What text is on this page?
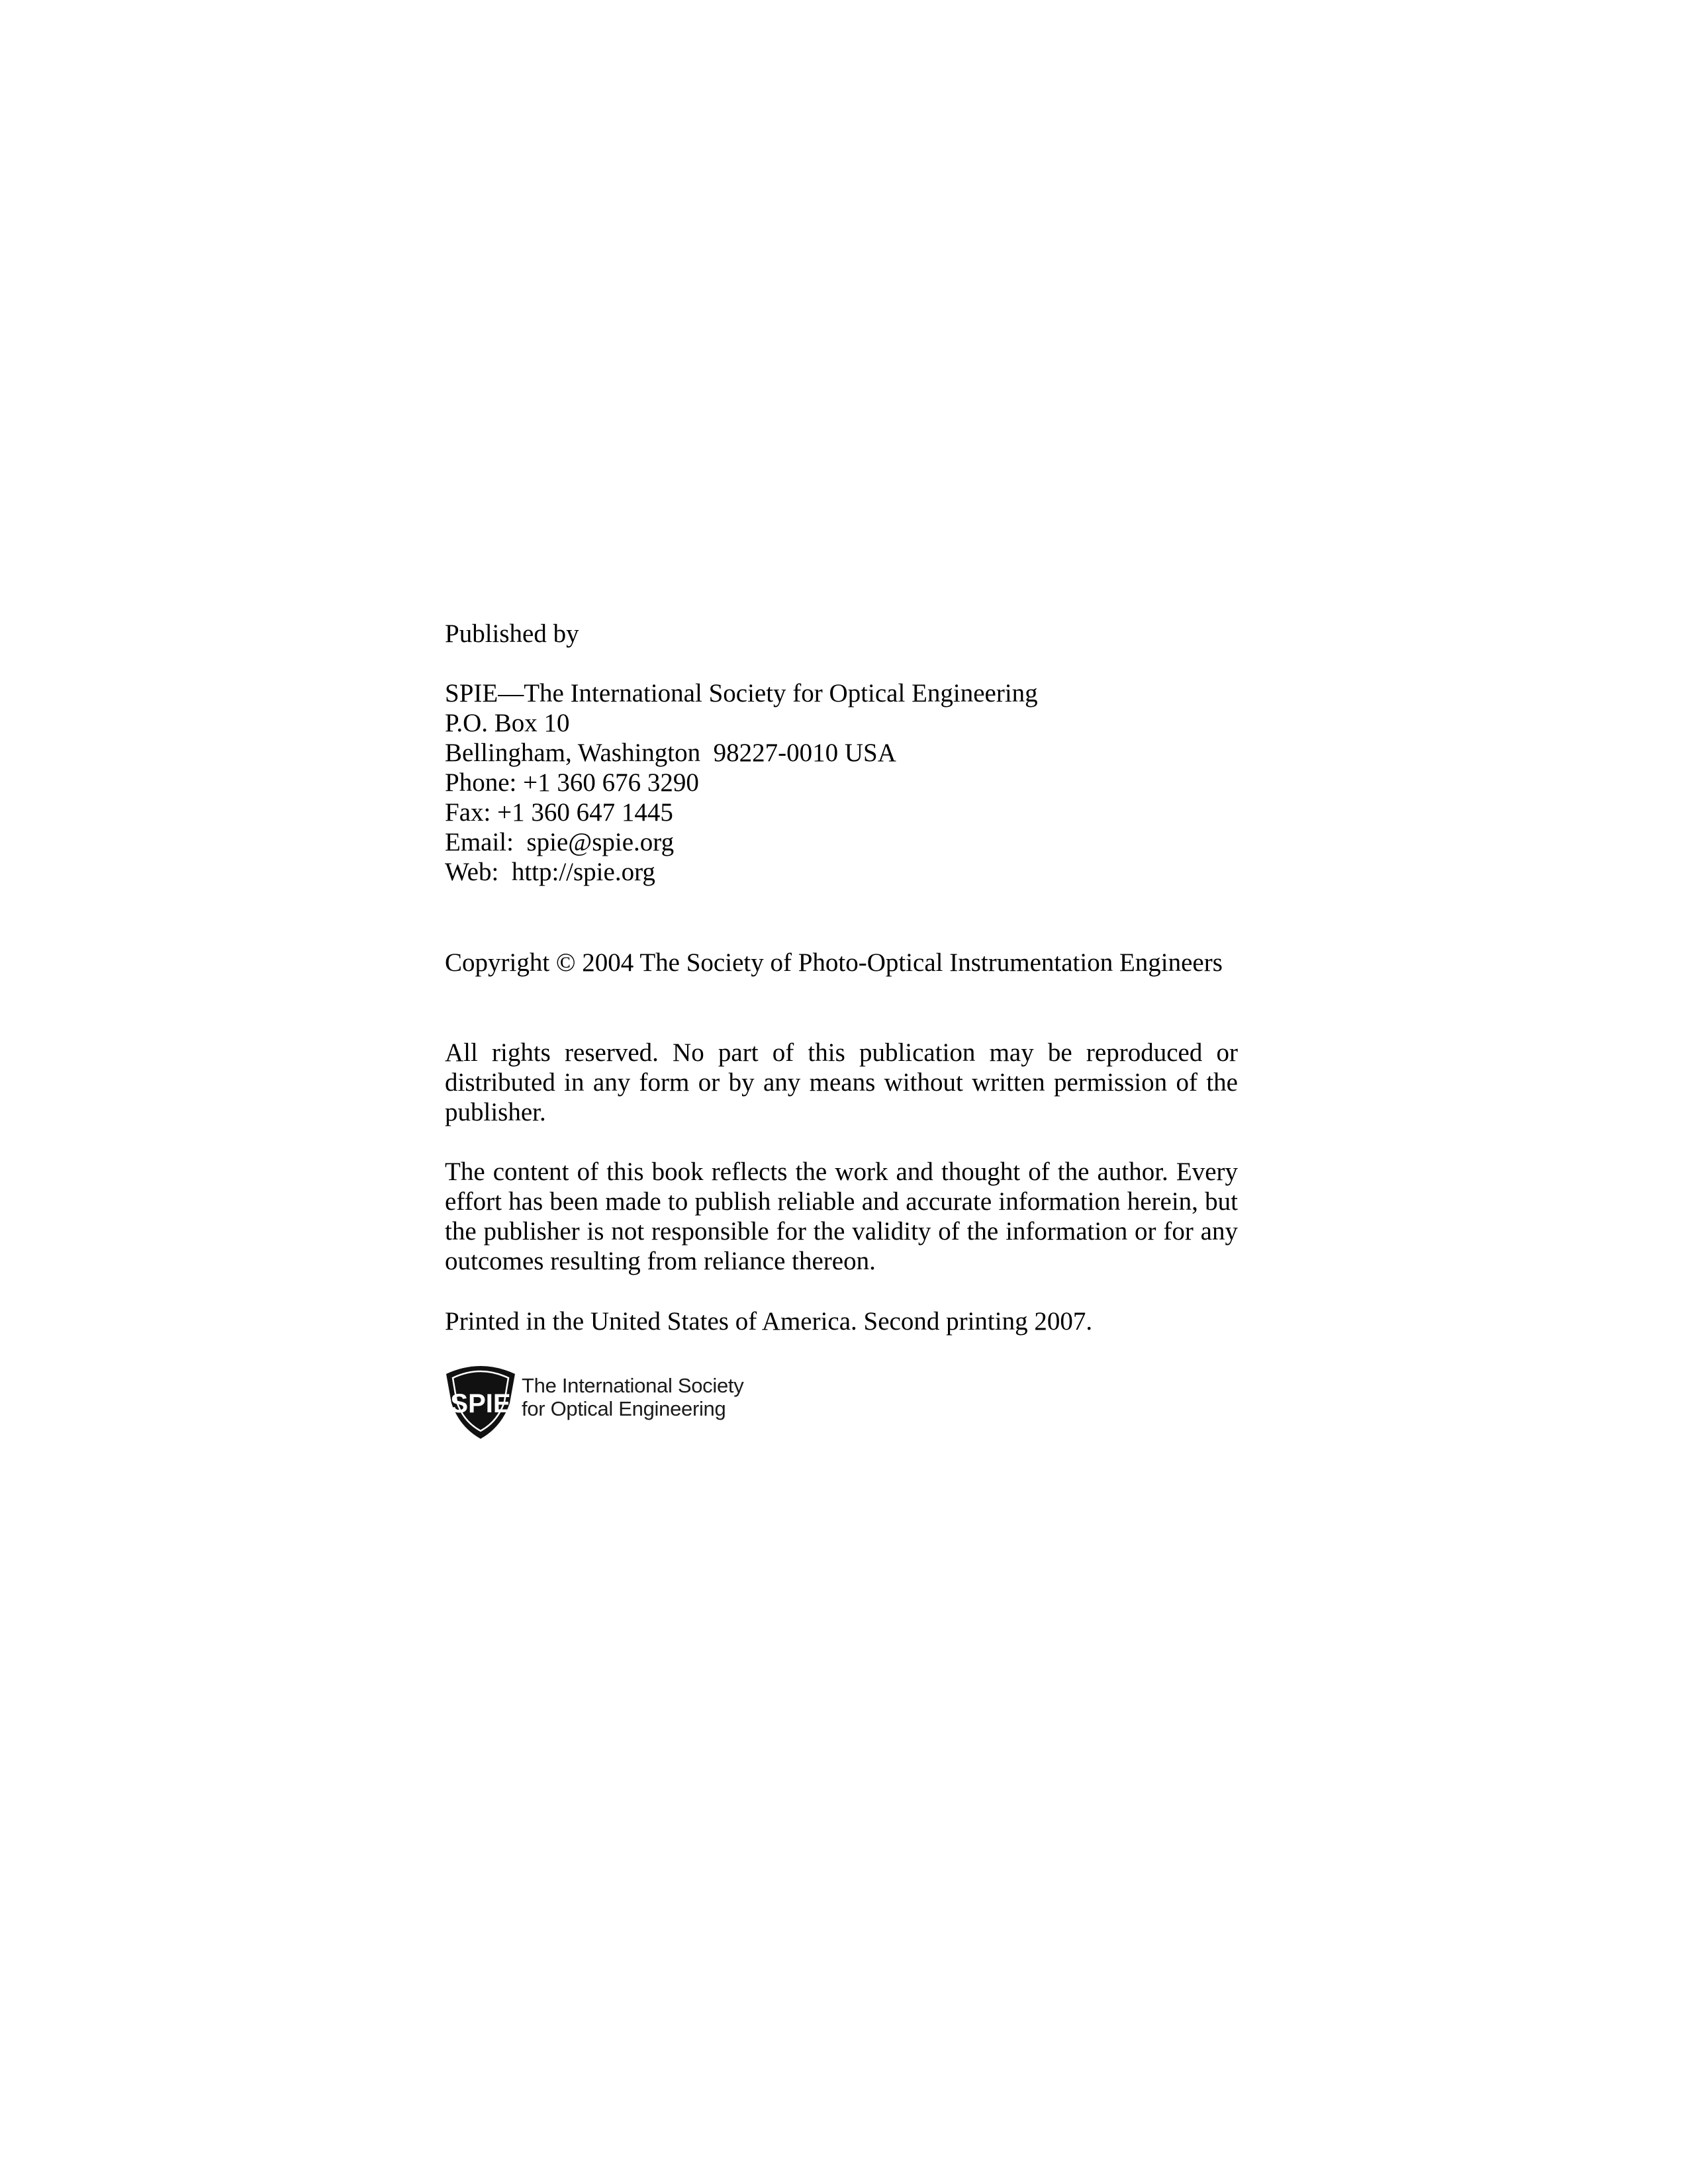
Published by
SPIE—The International Society for Optical Engineering
P.O. Box 10
Bellingham, Washington  98227-0010 USA
Phone: +1 360 676 3290
Fax: +1 360 647 1445
Email:  spie@spie.org
Web:  http://spie.org
Copyright © 2004 The Society of Photo-Optical Instrumentation Engineers
All rights reserved. No part of this publication may be reproduced or distributed in any form or by any means without written permission of the publisher.
The content of this book reflects the work and thought of the author. Every effort has been made to publish reliable and accurate information herein, but the publisher is not responsible for the validity of the information or for any outcomes resulting from reliance thereon.
Printed in the United States of America. Second printing 2007.
SPIE
The International Society
for Optical Engineering
